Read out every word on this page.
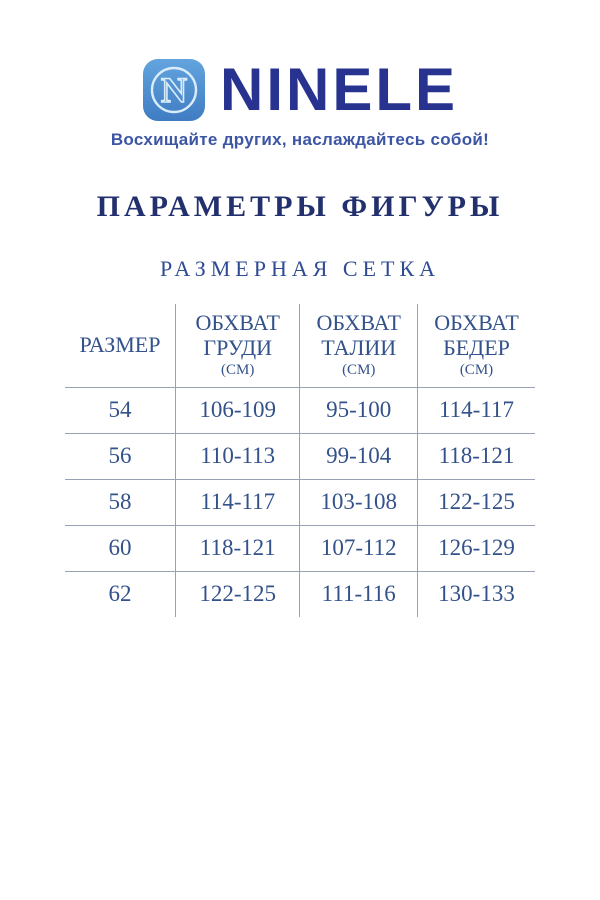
N NINELE
Восхищайте других, наслаждайтесь собой!
ПАРАМЕТРЫ ФИГУРЫ
РАЗМЕРНАЯ СЕТКА
РАЗМЕР	ОБХВАТ
ГРУДИ
(СМ)	ОБХВАТ
ТАЛИИ
(СМ)	ОБХВАТ
БЕДЕР
(СМ)

54	106-109	95-100	114-117
56	110-113	99-104	118-121
58	114-117	103-108	122-125
60	118-121	107-112	126-129
62	122-125	111-116	130-133
